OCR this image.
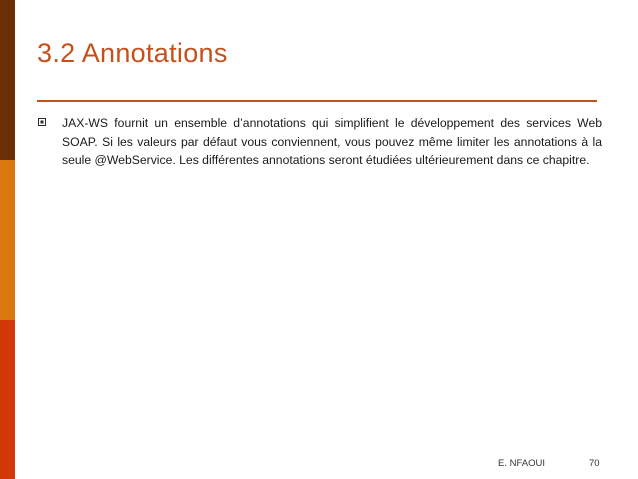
3.2 Annotations
JAX-WS fournit un ensemble d’annotations qui simplifient le développement des services Web SOAP. Si les valeurs par défaut vous conviennent, vous pouvez même limiter les annotations à la seule @WebService. Les différentes annotations seront étudiées ultérieurement dans ce chapitre.
E. NFAOUI	70
